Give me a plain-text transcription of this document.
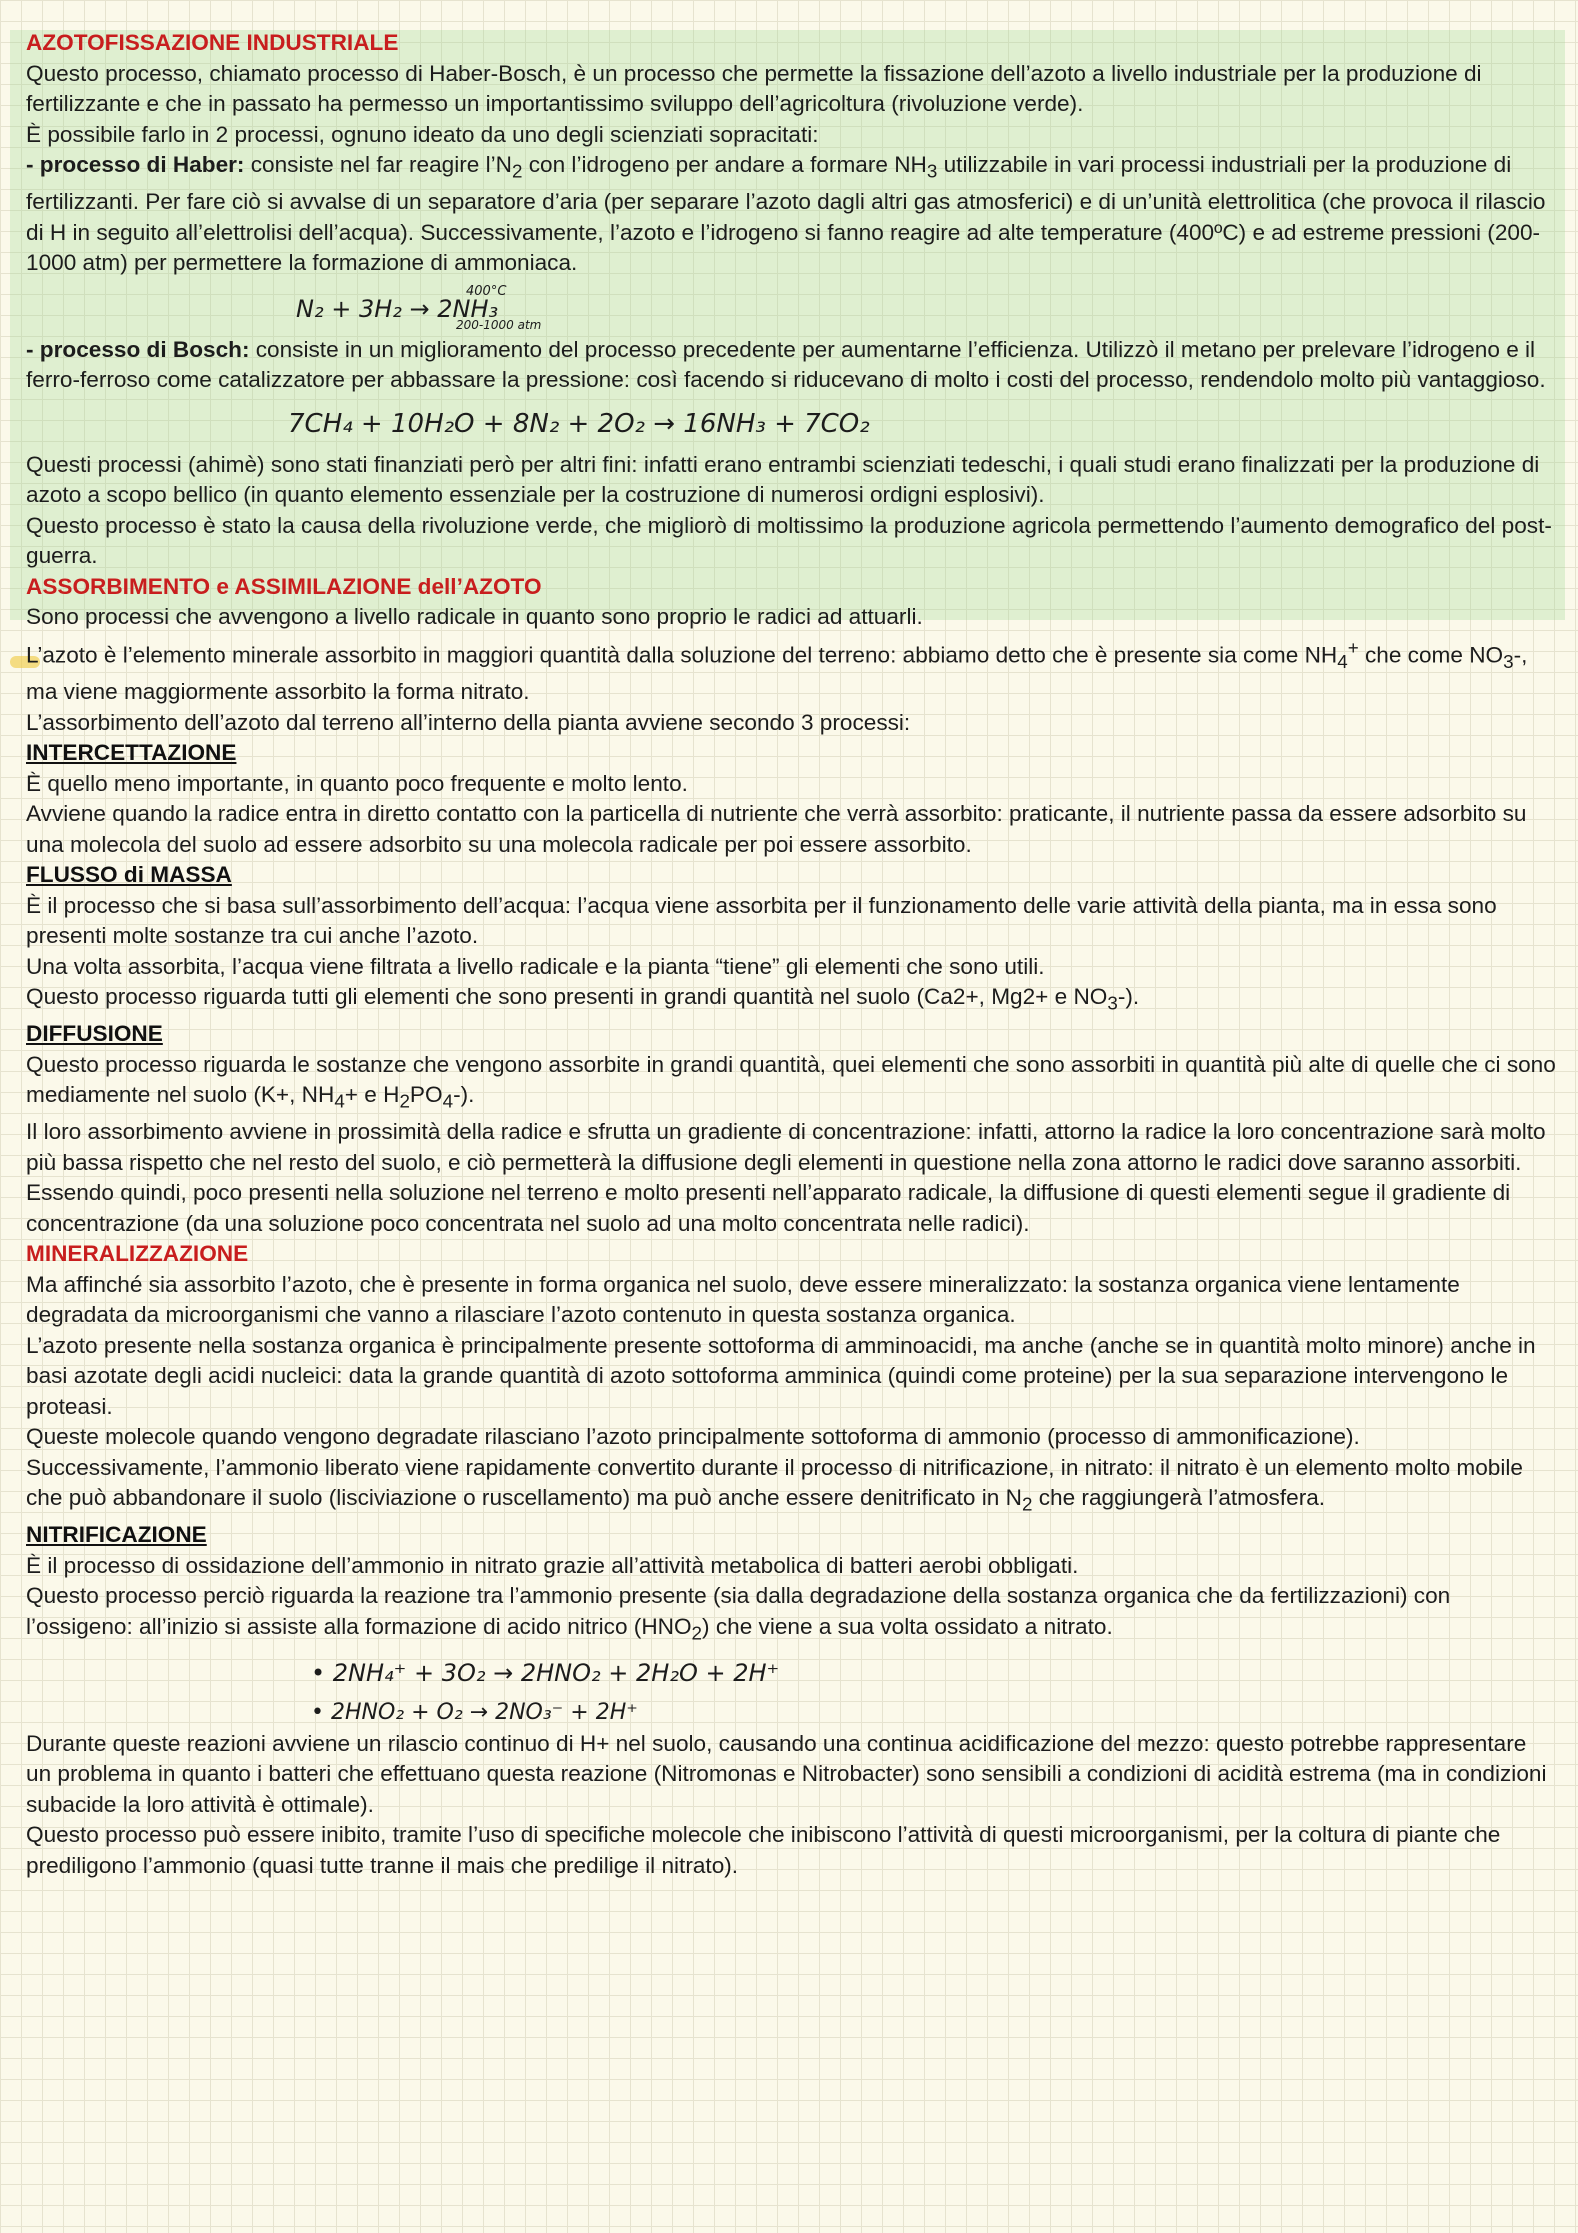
AZOTOFISSAZIONE INDUSTRIALE

Questo processo, chiamato processo di Haber-Bosch, è un processo che permette la fissazione dell’azoto a livello industriale per la produzione di fertilizzante e che in passato ha permesso un importantissimo sviluppo dell’agricoltura (rivoluzione verde).

È possibile farlo in 2 processi, ognuno ideato da uno degli scienziati sopracitati:

- processo di Haber: consiste nel far reagire $l’N_2$ con l’idrogeno per andare a formare $NH_3$ utilizzabile in vari processi industriali per la produzione di fertilizzanti. Per fare ciò si avvalse di un separatore d’aria (per separare l’azoto dagli altri gas atmosferici) e di un’unità elettrolitica (che provoca il rilascio di H in seguito all’elettrolisi dell’acqua). Successivamente, l’azoto e l’idrogeno si fanno reagire ad alte temperature (400ºC) e ad estreme pressioni (200-1000 atm) per permettere la formazione di ammoniaca.

N₂ + 3H₂ → 2NH₃
400°C
200-1000 atm

- processo di Bosch: consiste in un miglioramento del processo precedente per aumentarne l’efficienza. Utilizzò il metano per prelevare l’idrogeno e il ferro-ferroso come catalizzatore per abbassare la pressione: così facendo si riducevano di molto i costi del processo, rendendolo molto più vantaggioso.

7CH₄ + 10H₂O + 8N₂ + 2O₂ → 16NH₃ + 7CO₂

Questi processi (ahimè) sono stati finanziati però per altri fini: infatti erano entrambi scienziati tedeschi, i quali studi erano finalizzati per la produzione di azoto a scopo bellico (in quanto elemento essenziale per la costruzione di numerosi ordigni esplosivi).

Questo processo è stato la causa della rivoluzione verde, che migliorò di moltissimo la produzione agricola permettendo l’aumento demografico del post-guerra.

ASSORBIMENTO e ASSIMILAZIONE dell’AZOTO

Sono processi che avvengono a livello radicale in quanto sono proprio le radici ad attuarli.

L’azoto è l’elemento minerale assorbito in maggiori quantità dalla soluzione del terreno: abbiamo detto che è presente sia come $NH_4^+$ che come $NO_3-$, ma viene maggiormente assorbito la forma nitrato.

L’assorbimento dell’azoto dal terreno all’interno della pianta avviene secondo 3 processi:

INTERCETTAZIONE

È quello meno importante, in quanto poco frequente e molto lento.

Avviene quando la radice entra in diretto contatto con la particella di nutriente che verrà assorbito: praticante, il nutriente passa da essere adsorbito su una molecola del suolo ad essere adsorbito su una molecola radicale per poi essere assorbito.

FLUSSO di MASSA

È il processo che si basa sull’assorbimento dell’acqua: l’acqua viene assorbita per il funzionamento delle varie attività della pianta, ma in essa sono presenti molte sostanze tra cui anche l’azoto.

Una volta assorbita, l’acqua viene filtrata a livello radicale e la pianta “tiene” gli elementi che sono utili.

Questo processo riguarda tutti gli elementi che sono presenti in grandi quantità nel suolo (Ca2+, Mg2+ e $NO_3-$).

DIFFUSIONE

Questo processo riguarda le sostanze che vengono assorbite in grandi quantità, quei elementi che sono assorbiti in quantità più alte di quelle che ci sono mediamente nel suolo (K+, $NH_4+ e$ $H_2PO_4-$).

Il loro assorbimento avviene in prossimità della radice e sfrutta un gradiente di concentrazione: infatti, attorno la radice la loro concentrazione sarà molto più bassa rispetto che nel resto del suolo, e ciò permetterà la diffusione degli elementi in questione nella zona attorno le radici dove saranno assorbiti.

Essendo quindi, poco presenti nella soluzione nel terreno e molto presenti nell’apparato radicale, la diffusione di questi elementi segue il gradiente di concentrazione (da una soluzione poco concentrata nel suolo ad una molto concentrata nelle radici).

MINERALIZZAZIONE

Ma affinché sia assorbito l’azoto, che è presente in forma organica nel suolo, deve essere mineralizzato: la sostanza organica viene lentamente degradata da microorganismi che vanno a rilasciare l’azoto contenuto in questa sostanza organica.

L’azoto presente nella sostanza organica è principalmente presente sottoforma di amminoacidi, ma anche (anche se in quantità molto minore) anche in basi azotate degli acidi nucleici: data la grande quantità di azoto sottoforma amminica (quindi come proteine) per la sua separazione intervengono le proteasi.

Queste molecole quando vengono degradate rilasciano l’azoto principalmente sottoforma di ammonio (processo di ammonificazione).

Successivamente, l’ammonio liberato viene rapidamente convertito durante il processo di nitrificazione, in nitrato: il nitrato è un elemento molto mobile che può abbandonare il suolo (lisciviazione o ruscellamento) ma può anche essere denitrificato in $N_2$ che raggiungerà l’atmosfera.

NITRIFICAZIONE

È il processo di ossidazione dell’ammonio in nitrato grazie all’attività metabolica di batteri aerobi obbligati.

Questo processo perciò riguarda la reazione tra l’ammonio presente (sia dalla degradazione della sostanza organica che da fertilizzazioni) con l’ossigeno: all’inizio si assiste alla formazione di acido nitrico $(HNO_2)$ che viene a sua volta ossidato a nitrato.

• 2NH₄⁺ + 3O₂ → 2HNO₂ + 2H₂O + 2H⁺
• 2HNO₂ + O₂ → 2NO₃⁻ + 2H⁺

Durante queste reazioni avviene un rilascio continuo di H+ nel suolo, causando una continua acidificazione del mezzo: questo potrebbe rappresentare un problema in quanto i batteri che effettuano questa reazione (Nitromonas e Nitrobacter) sono sensibili a condizioni di acidità estrema (ma in condizioni subacide la loro attività è ottimale).

Questo processo può essere inibito, tramite l’uso di specifiche molecole che inibiscono l’attività di questi microorganismi, per la coltura di piante che prediligono l’ammonio (quasi tutte tranne il mais che predilige il nitrato).
